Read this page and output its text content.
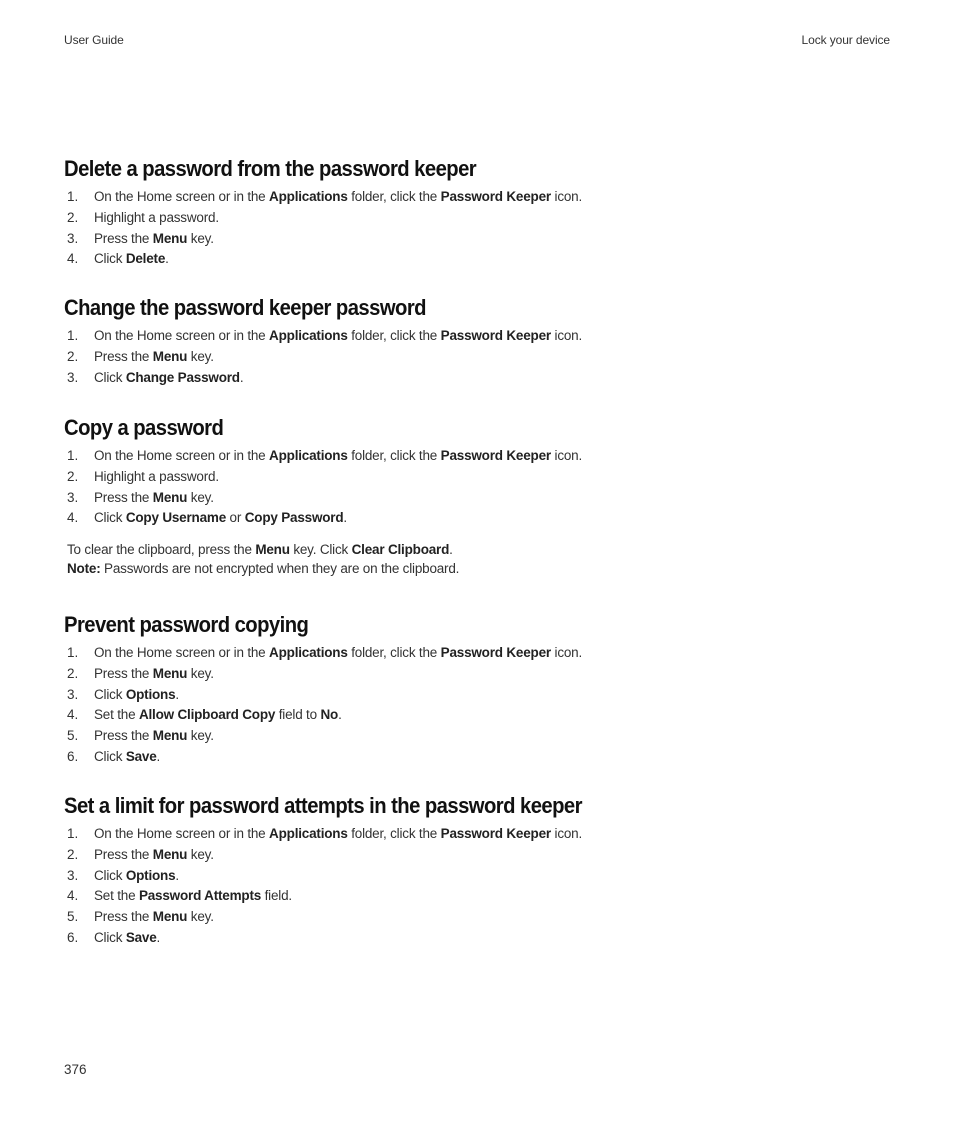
User Guide	Lock your device
Delete a password from the password keeper
1. On the Home screen or in the Applications folder, click the Password Keeper icon.
2. Highlight a password.
3. Press the Menu key.
4. Click Delete.
Change the password keeper password
1. On the Home screen or in the Applications folder, click the Password Keeper icon.
2. Press the Menu key.
3. Click Change Password.
Copy a password
1. On the Home screen or in the Applications folder, click the Password Keeper icon.
2. Highlight a password.
3. Press the Menu key.
4. Click Copy Username or Copy Password.
To clear the clipboard, press the Menu key. Click Clear Clipboard.
Note: Passwords are not encrypted when they are on the clipboard.
Prevent password copying
1. On the Home screen or in the Applications folder, click the Password Keeper icon.
2. Press the Menu key.
3. Click Options.
4. Set the Allow Clipboard Copy field to No.
5. Press the Menu key.
6. Click Save.
Set a limit for password attempts in the password keeper
1. On the Home screen or in the Applications folder, click the Password Keeper icon.
2. Press the Menu key.
3. Click Options.
4. Set the Password Attempts field.
5. Press the Menu key.
6. Click Save.
376
